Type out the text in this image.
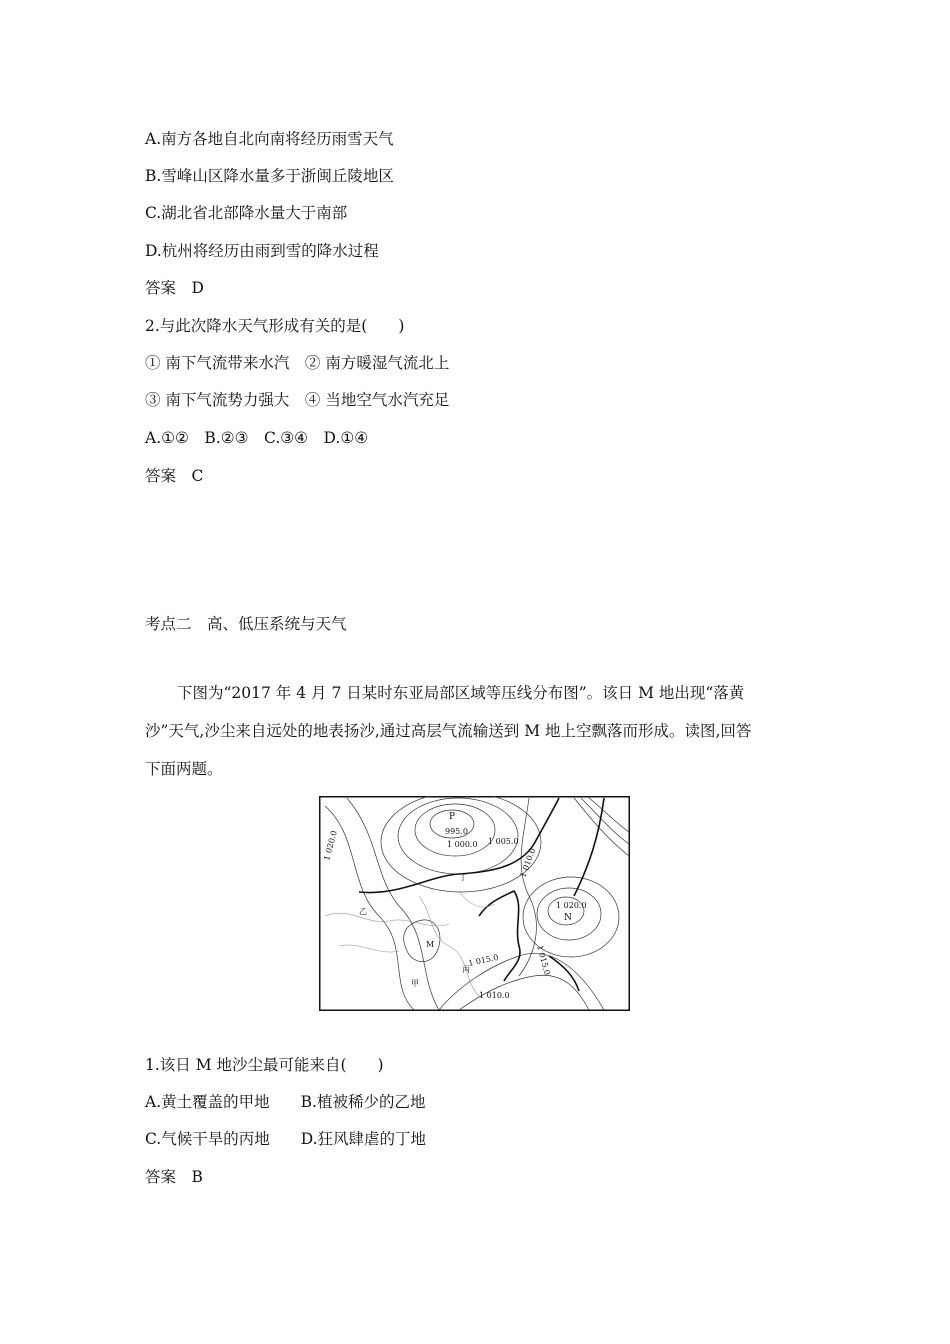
A.南方各地自北向南将经历雨雪天气
B.雪峰山区降水量多于浙闽丘陵地区
C.湖北省北部降水量大于南部
D.杭州将经历由雨到雪的降水过程
答案　D
2.与此次降水天气形成有关的是(　　)
① 南下气流带来水汽　② 南方暖湿气流北上
③ 南下气流势力强大　④ 当地空气水汽充足
A.①②　B.②③　C.③④　D.①④
答案　C
考点二　高、低压系统与天气
下图为“2017 年 4 月 7 日某时东亚局部区域等压线分布图”。该日 M 地出现“落黄
沙”天气,沙尘来自远处的地表扬沙,通过高层气流输送到 M 地上空飘落而形成。读图,回答
下面两题。
P
995.0
1 000.0 1 005.0
1 020.0
1 010.0
1 020.0
N
1 015.0
1 015.0
1 010.0
丁
乙
M
丙
甲
1.该日 M 地沙尘最可能来自(　　)
A.黄土覆盖的甲地　　B.植被稀少的乙地
C.气候干旱的丙地　　D.狂风肆虐的丁地
答案　B
